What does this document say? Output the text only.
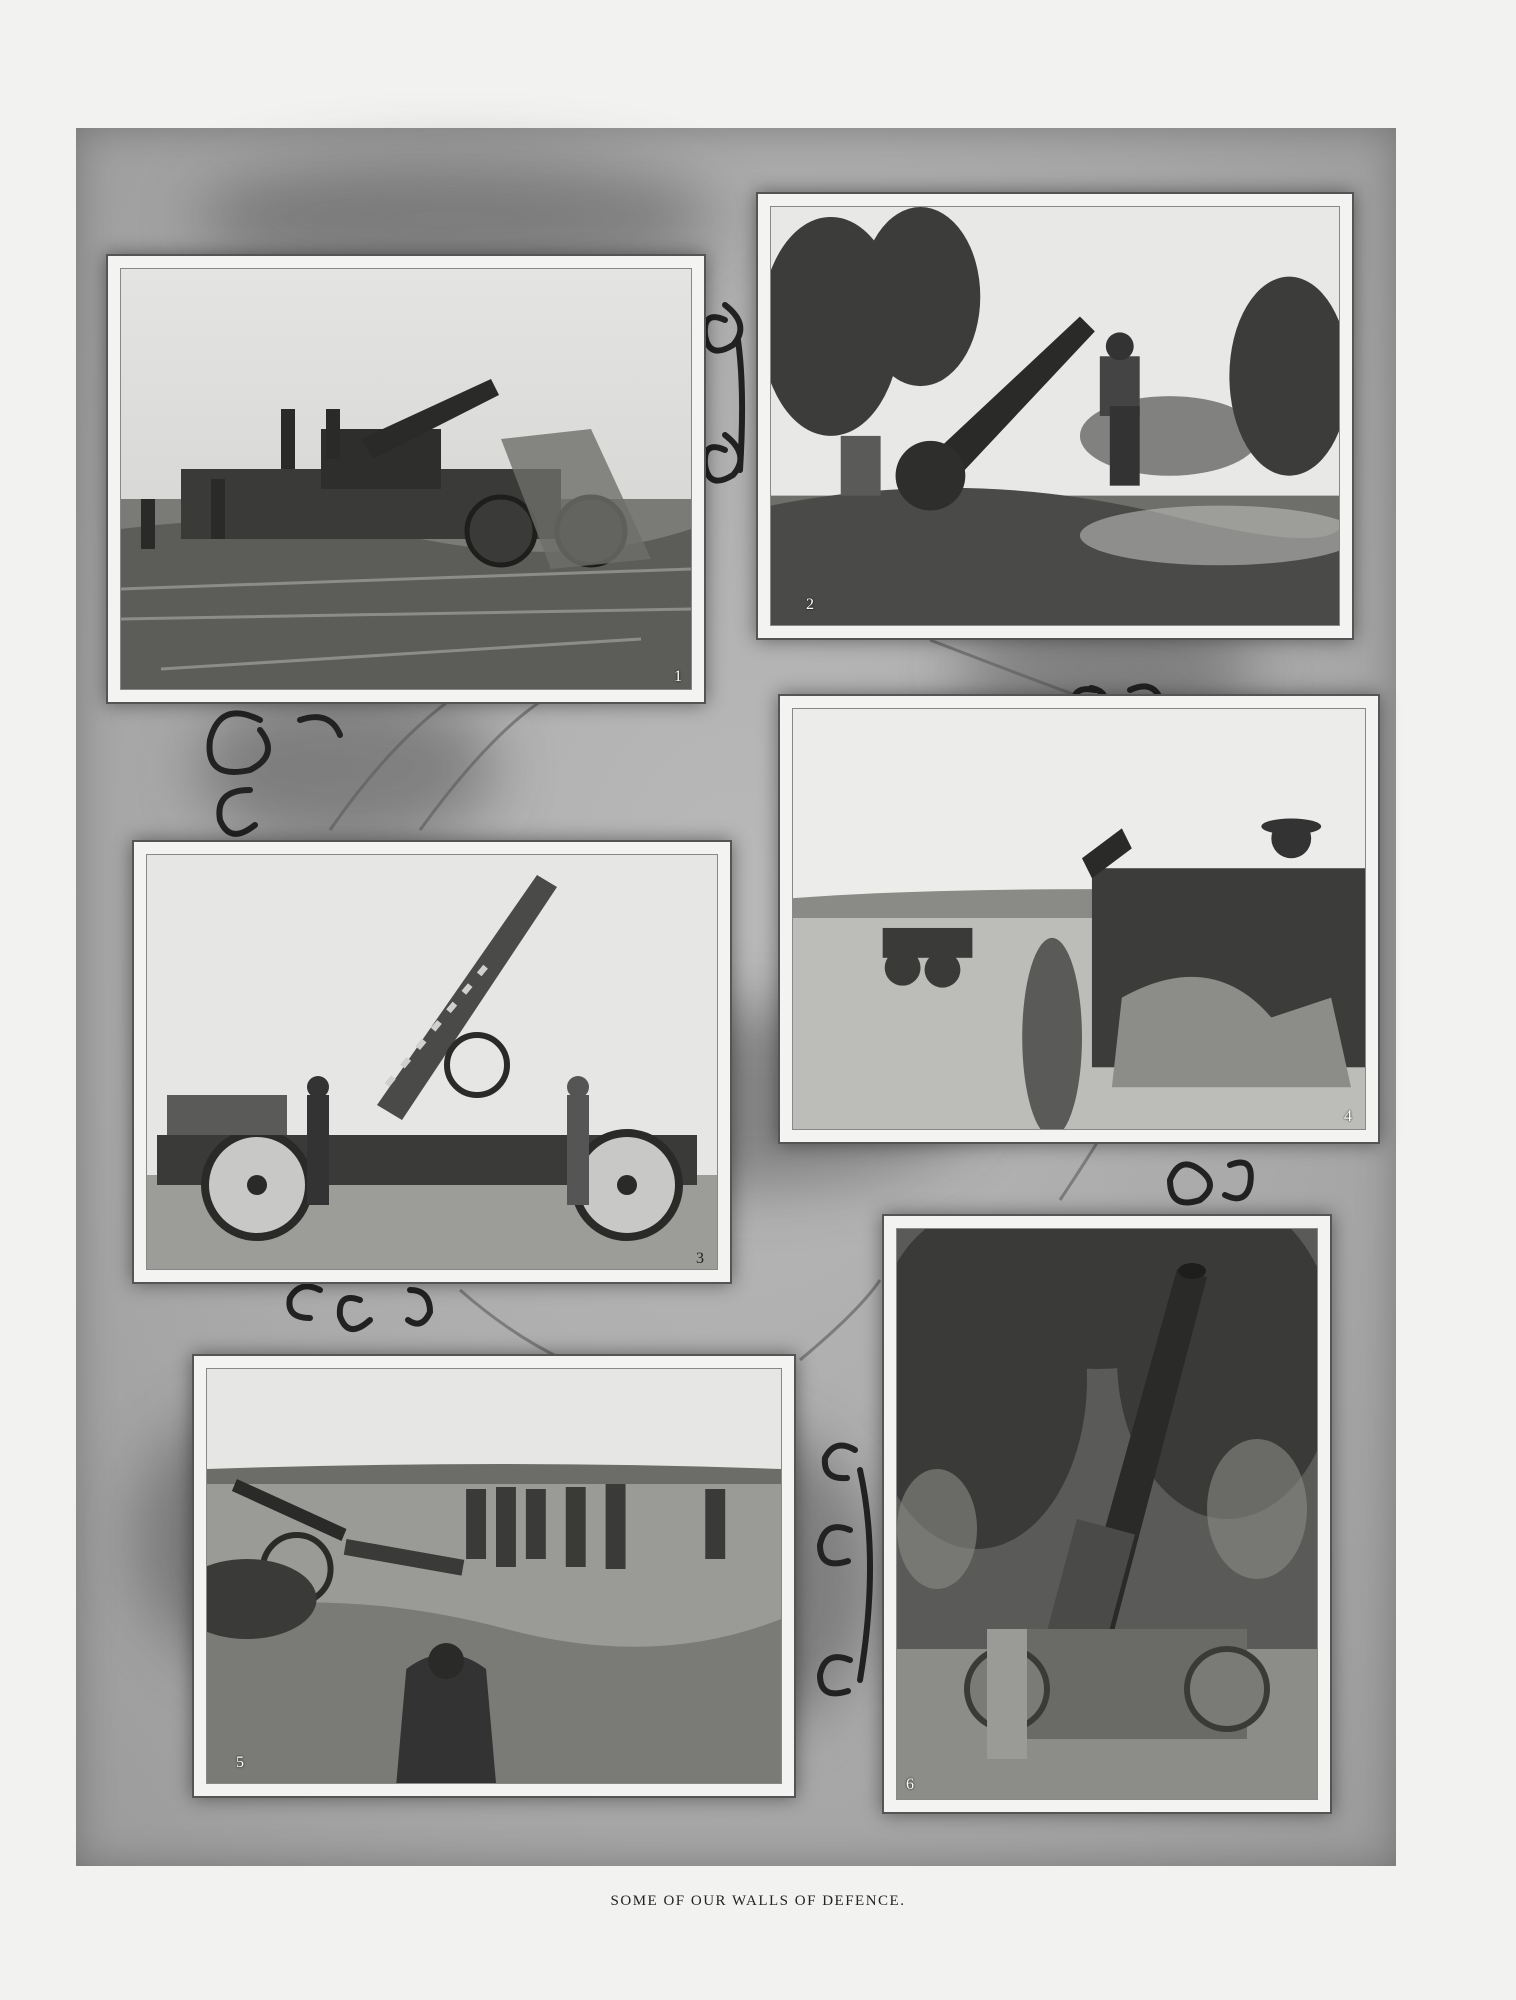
1
2
3
4
5
6
SOME OF OUR WALLS OF DEFENCE.
